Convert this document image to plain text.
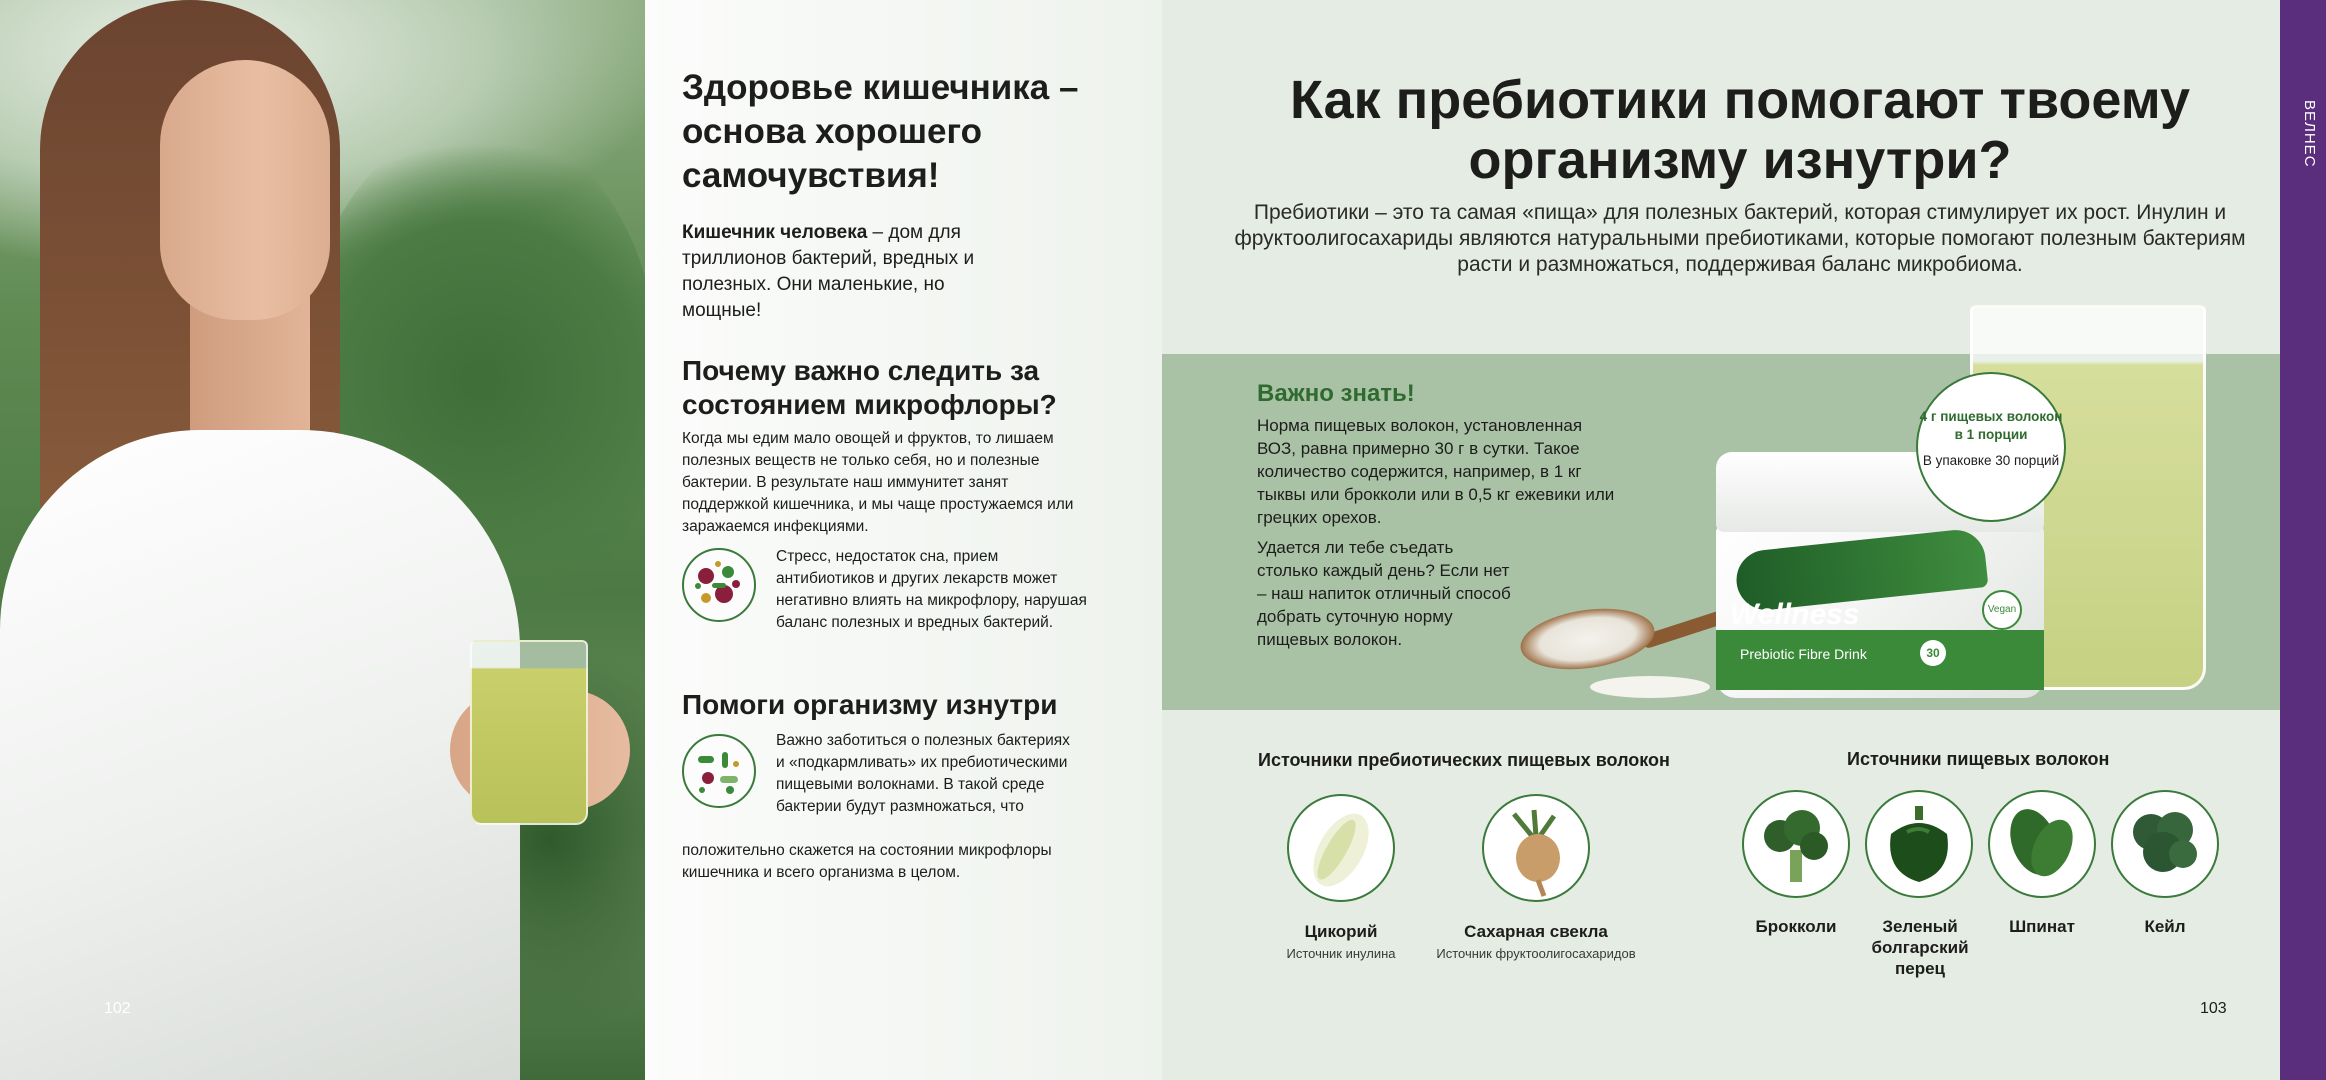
102
Здоровье кишечника – основа хорошего самочувствия!
Кишечник человека – дом для триллионов бактерий, вредных и полезных. Они маленькие, но мощные!
Почему важно следить за состоянием микрофлоры?
Когда мы едим мало овощей и фруктов, то лишаем полезных веществ не только себя, но и полезные бактерии. В результате наш иммунитет занят поддержкой кишечника, и мы чаще простужаемся или заражаемся инфекциями.
Стресс, недостаток сна, прием антибиотиков и других лекарств может негативно влиять на микрофлору, нарушая баланс полезных и вредных бактерий.
Помоги организму изнутри
Важно заботиться о полезных бактериях и «подкармливать» их пребиотическими пищевыми волокнами. В такой среде бактерии будут размножаться, что
положительно скажется на состоянии микрофлоры кишечника и всего организма в целом.
ВЕЛНЕС
Как пребиотики помогают твоему организму изнутри?
Пребиотики – это та самая «пища» для полезных бактерий, которая стимулирует их рост. Инулин и фруктоолигосахариды являются натуральными пребиотиками, которые помогают полезным бактериям расти и размножаться, поддерживая баланс микробиома.
Важно знать!
Норма пищевых волокон, установленная ВОЗ, равна примерно 30 г в сутки. Такое количество содержится, например, в 1 кг тыквы или брокколи или в 0,5 кг ежевики или грецких орехов.
Удается ли тебе съедать столько каждый день? Если нет – наш напиток отличный способ добрать суточную норму пищевых волокон.
Wellness
Prebiotic Fibre Drink	30
Vegan
4 г пищевых волокон в 1 порции
В упаковке 30 порций
Источники пребиотических пищевых волокон	Источники пищевых волокон
Цикорий
Источник инулина
Сахарная свекла
Источник фруктоолигосахаридов
Брокколи	Зеленый болгарский перец
Шпинат	Кейл
103
